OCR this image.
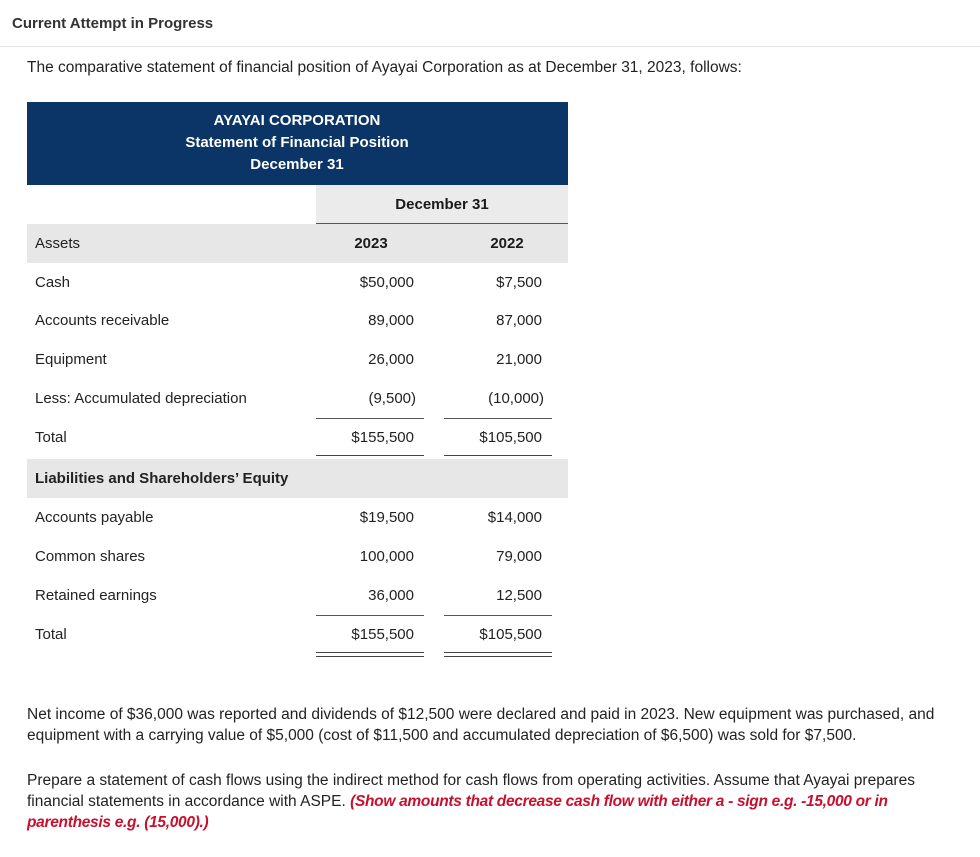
Current Attempt in Progress
The comparative statement of financial position of Ayayai Corporation as at December 31, 2023, follows:
AYAYAI CORPORATION
Statement of Financial Position
December 31
December 31
Assets	2023	2022
Cash	$50,000	$7,500
Accounts receivable	89,000	87,000
Equipment	26,000	21,000
Less: Accumulated depreciation	(9,500)	(10,000)
Total	$155,500	$105,500
Liabilities and Shareholders’ Equity
Accounts payable	$19,500	$14,000
Common shares	100,000	79,000
Retained earnings	36,000	12,500
Total	$155,500	$105,500
Net income of $36,000 was reported and dividends of $12,500 were declared and paid in 2023. New equipment was purchased, and equipment with a carrying value of $5,000 (cost of $11,500 and accumulated depreciation of $6,500) was sold for $7,500.
Prepare a statement of cash flows using the indirect method for cash flows from operating activities. Assume that Ayayai prepares financial statements in accordance with ASPE. (Show amounts that decrease cash flow with either a - sign e.g. -15,000 or in parenthesis e.g. (15,000).)
